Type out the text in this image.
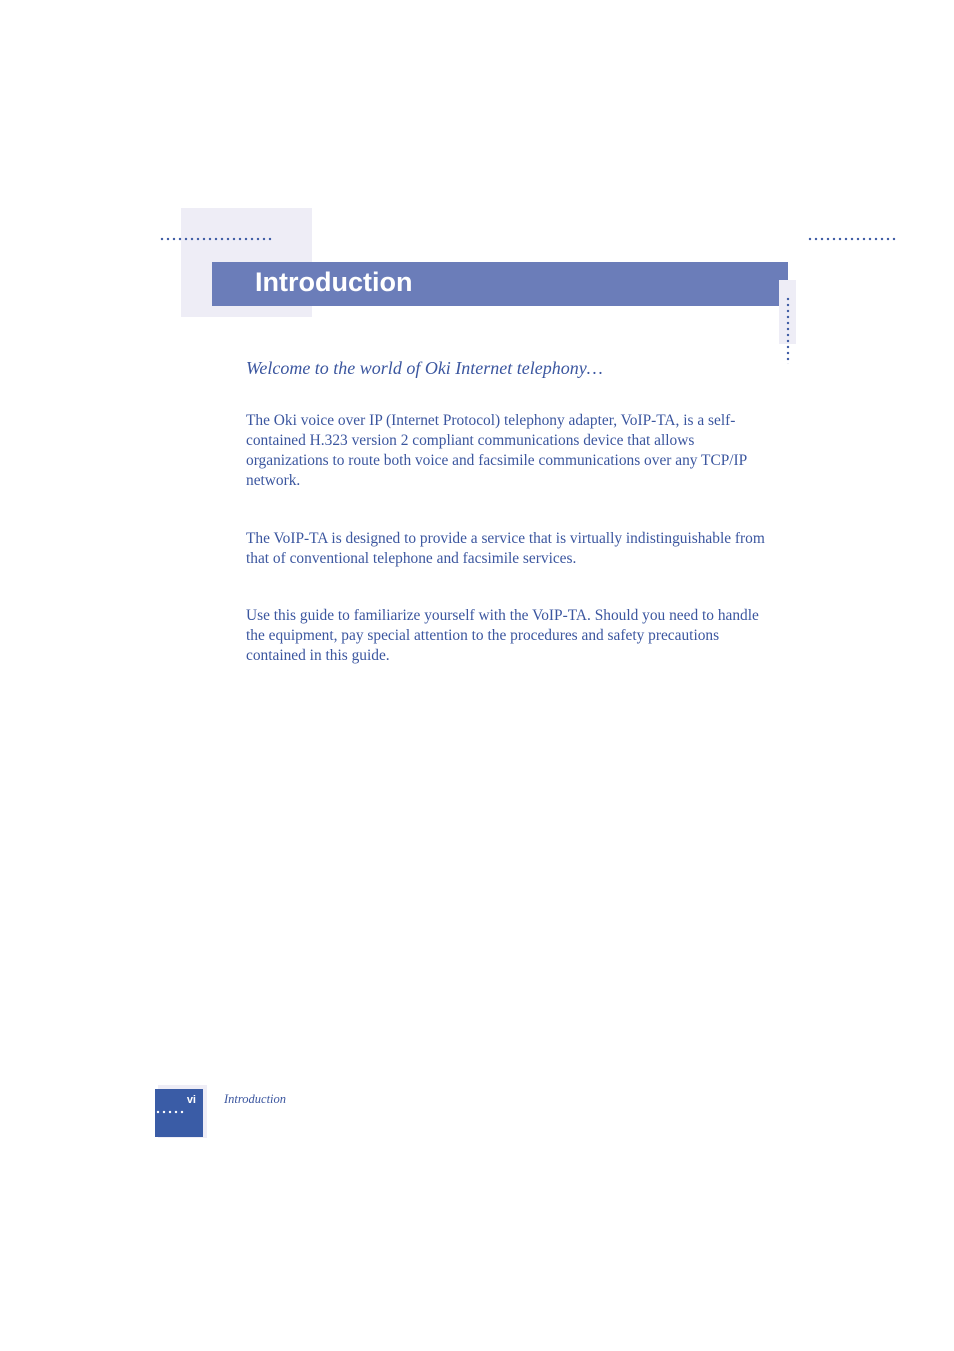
Introduction

Welcome to the world of Oki Internet telephony…

The Oki voice over IP (Internet Protocol) telephony adapter, VoIP-TA, is a self-contained H.323 version 2 compliant communications device that allows organizations to route both voice and facsimile communications over any TCP/IP network.

The VoIP-TA is designed to provide a service that is virtually indistinguishable from that of conventional telephone and facsimile services.

Use this guide to familiarize yourself with the VoIP-TA. Should you need to handle the equipment, pay special attention to the procedures and safety precautions contained in this guide.

vi Introduction
